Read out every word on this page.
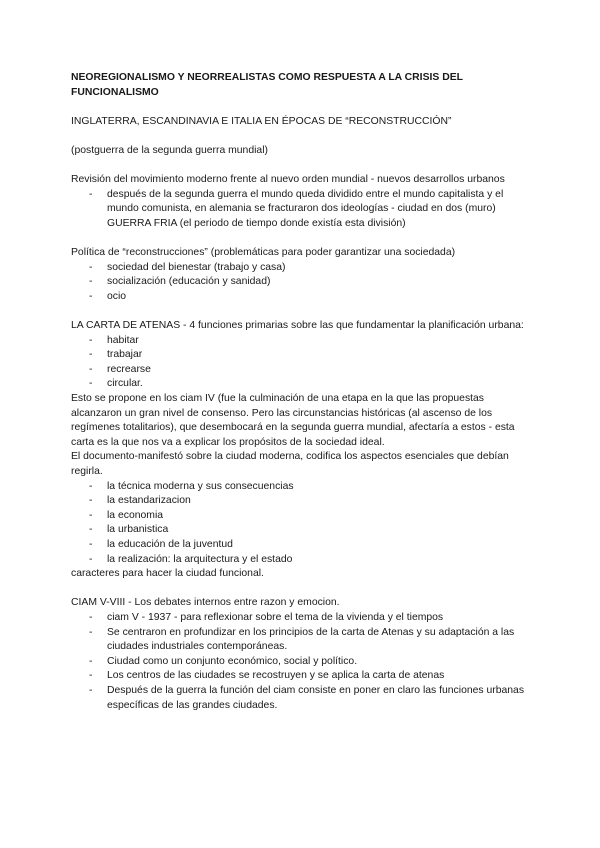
NEOREGIONALISMO Y NEORREALISTAS COMO RESPUESTA A LA CRISIS DEL

FUNCIONALISMO

INGLATERRA, ESCANDINAVIA E ITALIA EN ÉPOCAS DE “RECONSTRUCCIÓN”

(postguerra de la segunda guerra mundial)

Revisión del movimiento moderno frente al nuevo orden mundial - nuevos desarrollos urbanos

- después de la segunda guerra el mundo queda dividido entre el mundo capitalista y el mundo comunista, en alemania se fracturaron dos ideologías - ciudad en dos (muro)

GUERRA FRIA (el periodo de tiempo donde existía esta división)

Política de “reconstrucciones” (problemáticas para poder garantizar una sociedada)

- sociedad del bienestar (trabajo y casa)
- socialización (educación y sanidad)
- ocio

LA CARTA DE ATENAS - 4 funciones primarias sobre las que fundamentar la planificación urbana:

- habitar
- trabajar
- recrearse
- circular.

Esto se propone en los ciam IV (fue la culminación de una etapa en la que las propuestas alcanzaron un gran nivel de consenso. Pero las circunstancias históricas (al ascenso de los regímenes totalitarios), que desembocará en la segunda guerra mundial, afectaría a estos - esta carta es la que nos va a explicar los propósitos de la sociedad ideal.

El documento-manifestó sobre la ciudad moderna, codifica los aspectos esenciales que debían regirla.

- la técnica moderna y sus consecuencias
- la estandarizacion
- la economia
- la urbanistica
- la educación de la juventud
- la realización: la arquitectura y el estado

caracteres para hacer la ciudad funcional.

CIAM V-VIII - Los debates internos entre razon y emocion.

- ciam V - 1937 - para reflexionar sobre el tema de la vivienda y el tiempos
- Se centraron en profundizar en los principios de la carta de Atenas y su adaptación a las ciudades industriales contemporáneas.
- Ciudad como un conjunto económico, social y político.
- Los centros de las ciudades se recostruyen y se aplica la carta de atenas
- Después de la guerra la función del ciam consiste en poner en claro las funciones urbanas específicas de las grandes ciudades.
